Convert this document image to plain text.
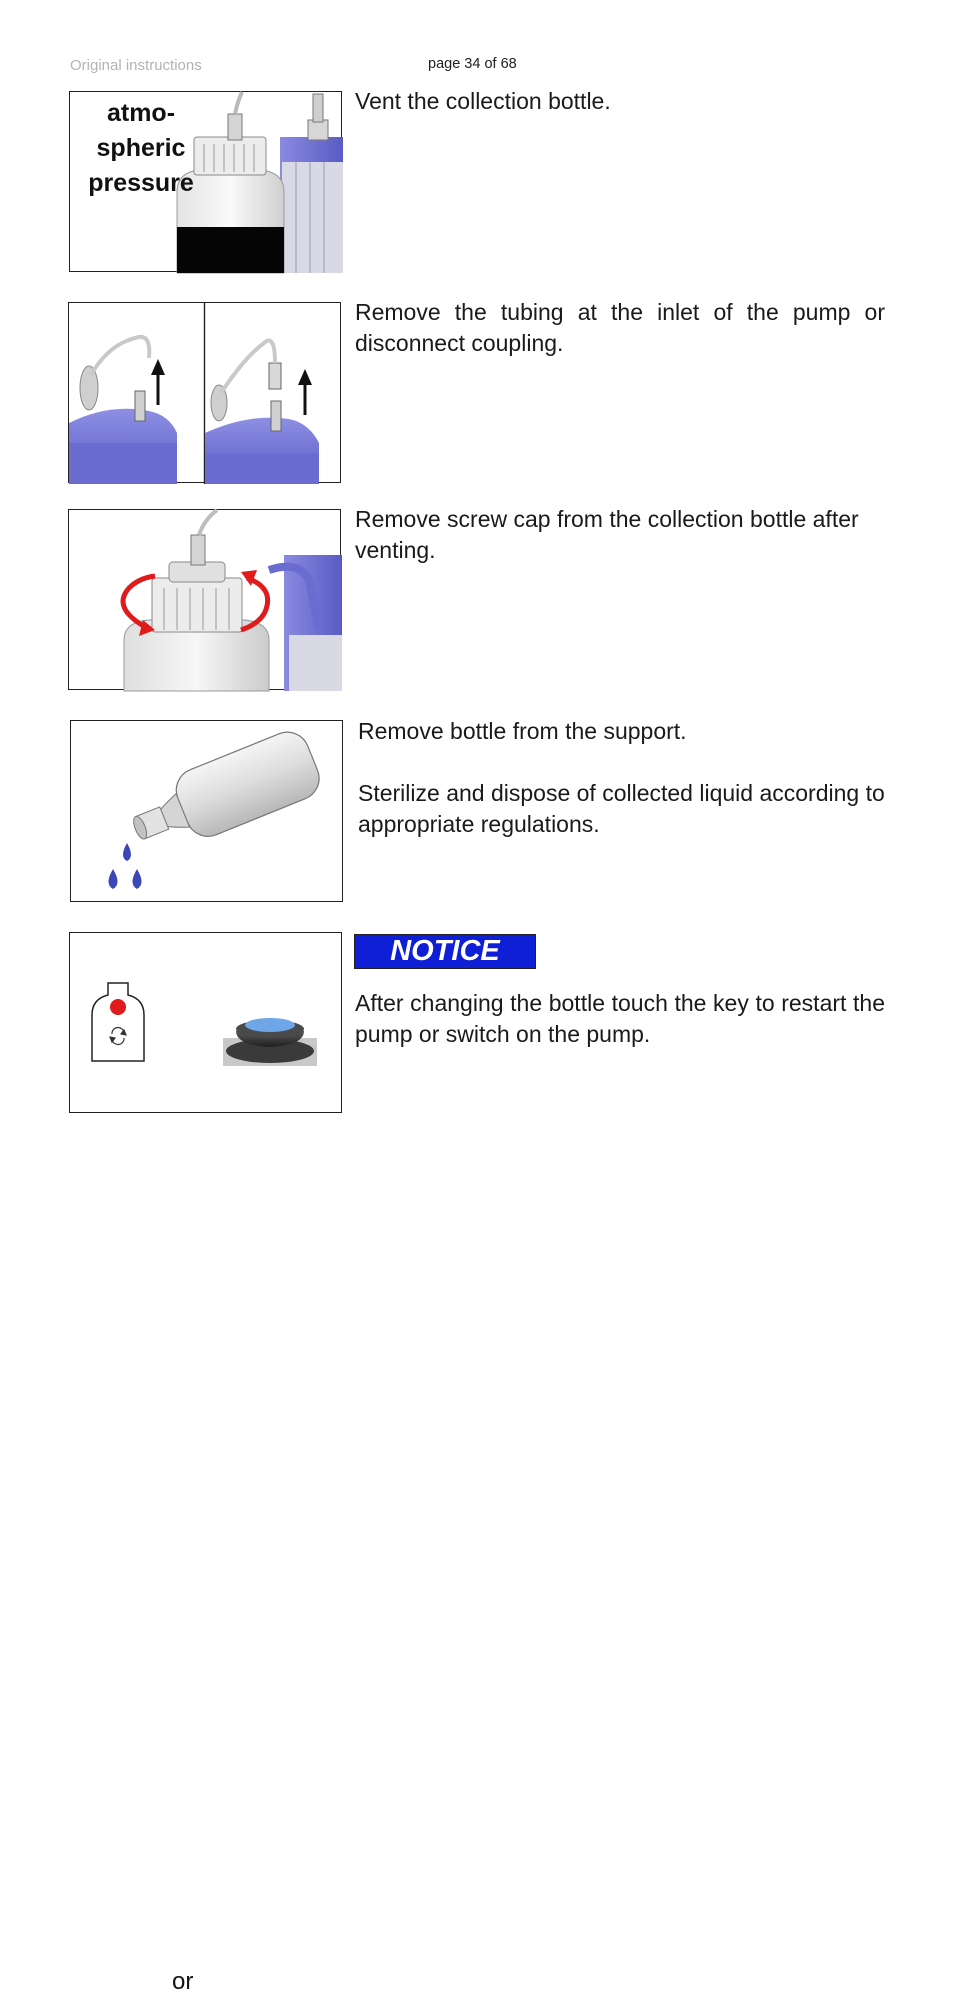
Original instructions	page 34 of 68
atmo-
spheric
pressure
Vent the collection bottle.
Remove the tubing at the inlet of the pump or disconnect coupling.
Remove screw cap from the collection bottle after venting.
Remove bottle from the support.
Sterilize and dispose of collected liquid according to appropriate regulations.
or
NOTICE
After changing the bottle touch the key to restart the pump or switch on the pump.
